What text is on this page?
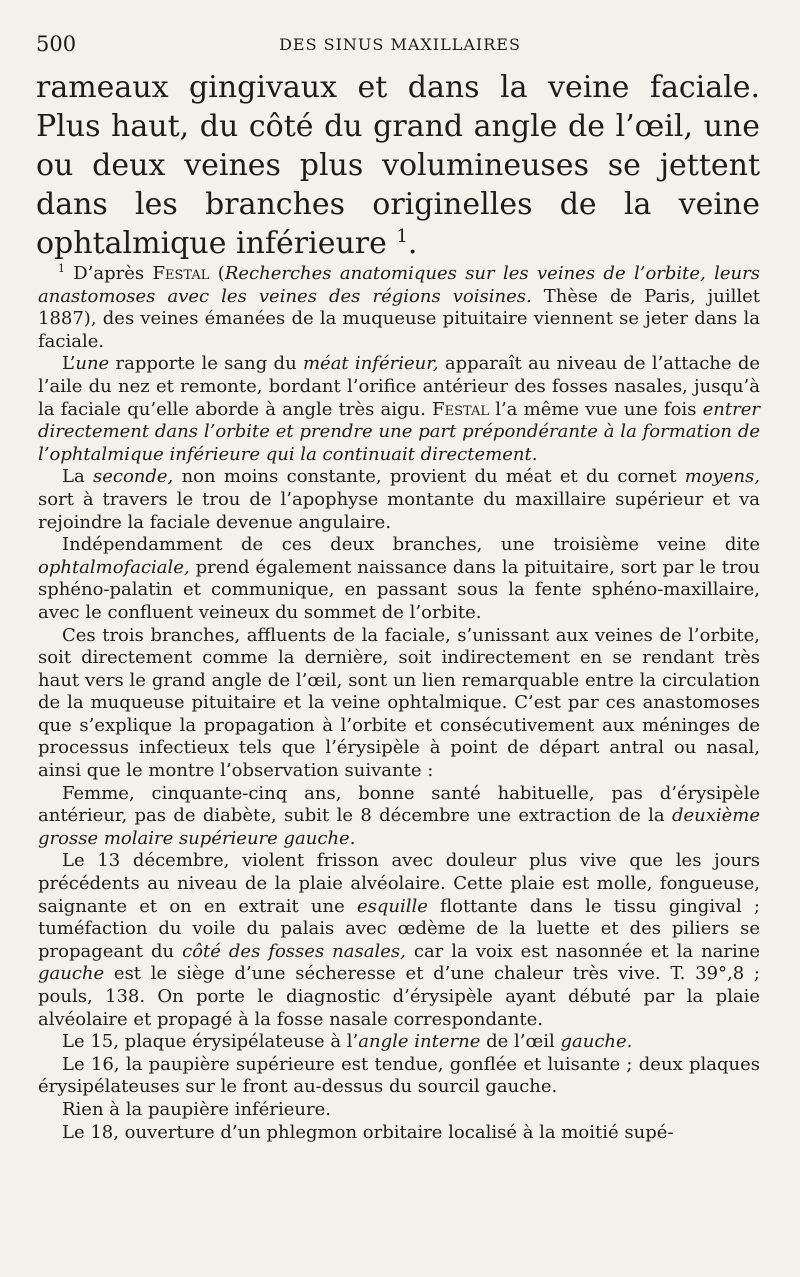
500	DES SINUS MAXILLAIRES
rameaux gingivaux et dans la veine faciale. Plus haut, du côté du grand angle de l’œil, une ou deux veines plus volumineuses se jettent dans les branches originelles de la veine ophtalmique inférieure $^1$.

$^1$ D’après Festal (Recherches anatomiques sur les veines de l’orbite, leurs anastomoses avec les veines des régions voisines. Thèse de Paris, juillet 1887), des veines émanées de la muqueuse pituitaire viennent se jeter dans la faciale.

L’une rapporte le sang du méat inférieur, apparaît au niveau de l’attache de l’aile du nez et remonte, bordant l’orifice antérieur des fosses nasales, jusqu’à la faciale qu’elle aborde à angle très aigu. Festal l’a même vue une fois entrer directement dans l’orbite et prendre une part prépondérante à la formation de l’ophtalmique inférieure qui la continuait directement.

La seconde, non moins constante, provient du méat et du cornet moyens, sort à travers le trou de l’apophyse montante du maxillaire supérieur et va rejoindre la faciale devenue angulaire.

Indépendamment de ces deux branches, une troisième veine dite ophtalmofaciale, prend également naissance dans la pituitaire, sort par le trou sphéno-palatin et communique, en passant sous la fente sphéno-maxillaire, avec le confluent veineux du sommet de l’orbite.

Ces trois branches, affluents de la faciale, s’unissant aux veines de l’orbite, soit directement comme la dernière, soit indirectement en se rendant très haut vers le grand angle de l’œil, sont un lien remarquable entre la circulation de la muqueuse pituitaire et la veine ophtalmique. C’est par ces anastomoses que s’explique la propagation à l’orbite et consécutivement aux méninges de processus infectieux tels que l’érysipèle à point de départ antral ou nasal, ainsi que le montre l’observation suivante :

Femme, cinquante-cinq ans, bonne santé habituelle, pas d’érysipèle antérieur, pas de diabète, subit le 8 décembre une extraction de la deuxième grosse molaire supérieure gauche.

Le 13 décembre, violent frisson avec douleur plus vive que les jours précédents au niveau de la plaie alvéolaire. Cette plaie est molle, fongueuse, saignante et on en extrait une esquille flottante dans le tissu gingival ; tuméfaction du voile du palais avec œdème de la luette et des piliers se propageant du côté des fosses nasales, car la voix est nasonnée et la narine gauche est le siège d’une sécheresse et d’une chaleur très vive. T. 39°,8 ; pouls, 138. On porte le diagnostic d’érysipèle ayant débuté par la plaie alvéolaire et propagé à la fosse nasale correspondante.

Le 15, plaque érysipélateuse à l’angle interne de l’œil gauche.

Le 16, la paupière supérieure est tendue, gonflée et luisante ; deux plaques érysipélateuses sur le front au-dessus du sourcil gauche.

Rien à la paupière inférieure.

Le 18, ouverture d’un phlegmon orbitaire localisé à la moitié supé-
